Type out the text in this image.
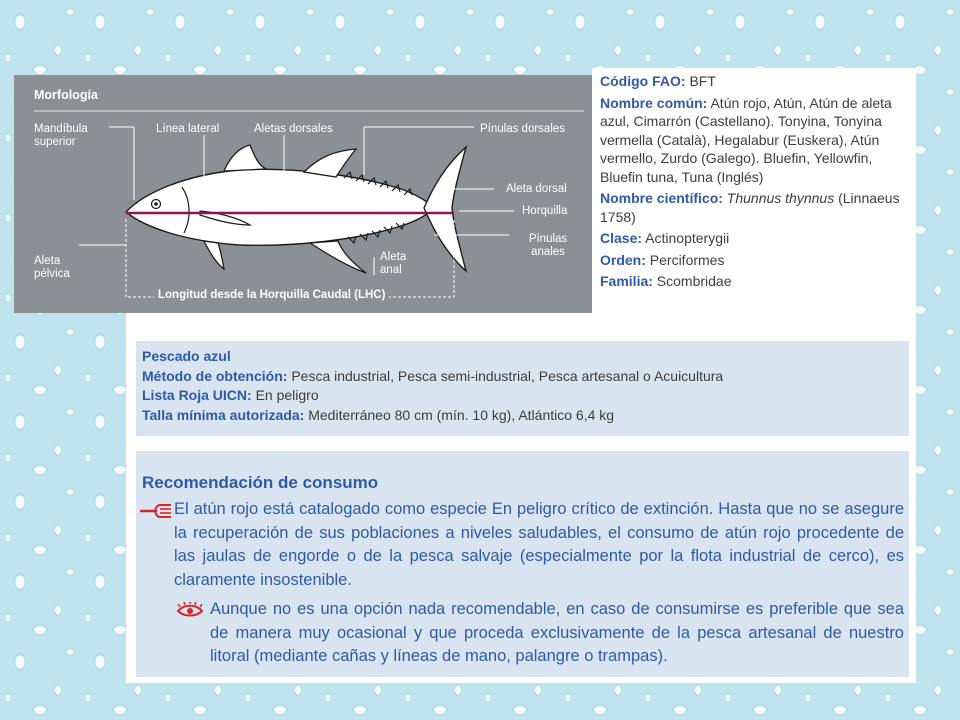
Morfología
Mandíbula superior
Línea lateral	Aletas dorsales	Pínulas dorsales
Aleta dorsal
Horquilla
Aleta pectoral	Pínulas anales
Aleta pélvica
Aleta anal
Longitud desde la Horquilla Caudal (LHC)
Código FAO: BFT
Nombre común: Atún rojo, Atún, Atún de aleta azul, Cimarrón (Castellano). Tonyina, Tonyina vermella (Català), Hegalabur (Euskera), Atún vermello, Zurdo (Galego). Bluefin, Yellowfin, Bluefin tuna, Tuna (Inglés)
Nombre científico: Thunnus thynnus (Linnaeus 1758)
Clase: Actinopterygii
Orden: Perciformes
Familia: Scombridae
Pescado azul
Método de obtención: Pesca industrial, Pesca semi-industrial, Pesca artesanal o Acuicultura
Lista Roja UICN: En peligro
Talla mínima autorizada: Mediterráneo 80 cm (mín. 10 kg), Atlántico 6,4 kg
Recomendación de consumo
El atún rojo está catalogado como especie En peligro crítico de extinción. Hasta que no se asegure la recuperación de sus poblaciones a niveles saludables, el consumo de atún rojo procedente de las jaulas de engorde o de la pesca salvaje (especialmente por la flota industrial de cerco), es claramente insostenible.
Aunque no es una opción nada recomendable, en caso de consumirse es preferible que sea de manera muy ocasional y que proceda exclusivamente de la pesca artesanal de nuestro litoral (mediante cañas y líneas de mano, palangre o trampas).
